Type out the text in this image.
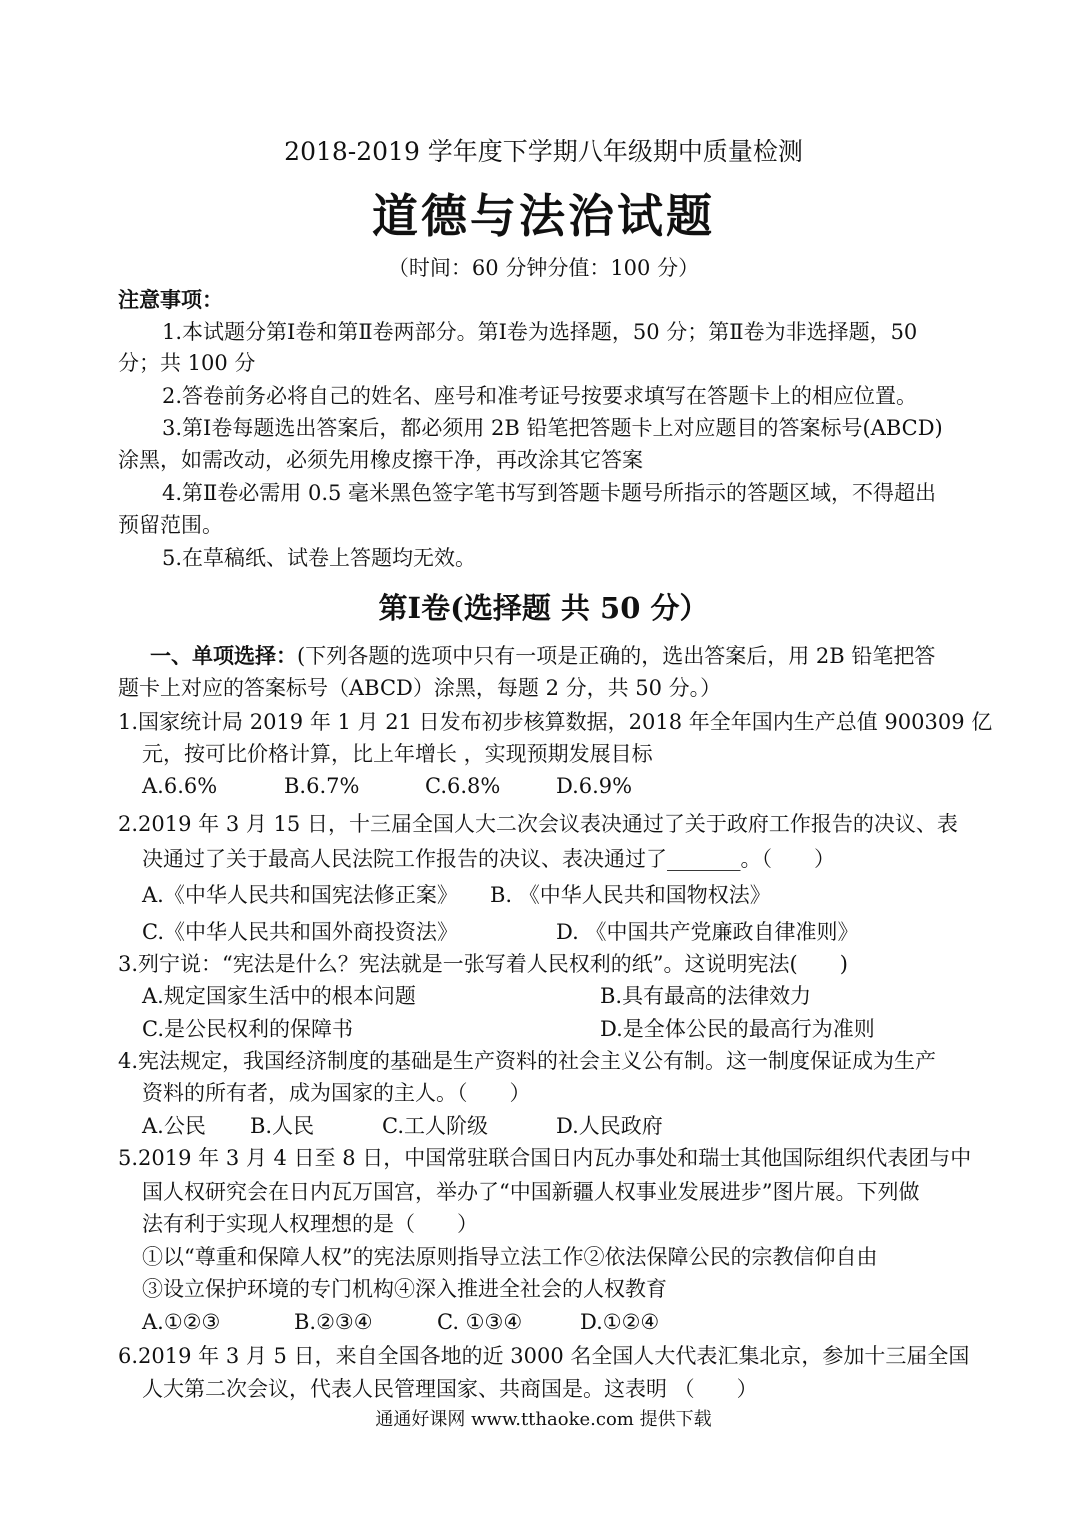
2018-2019 学年度下学期八年级期中质量检测
道德与法治试题
（时间：60 分钟分值：100 分）
注意事项：
1.本试题分第Ⅰ卷和第Ⅱ卷两部分。第Ⅰ卷为选择题，50 分；第Ⅱ卷为非选择题，50
分；共 100 分
2.答卷前务必将自己的姓名、座号和准考证号按要求填写在答题卡上的相应位置。
3.第Ⅰ卷每题选出答案后，都必须用 2B 铅笔把答题卡上对应题目的答案标号(ABCD)
涂黑，如需改动，必须先用橡皮擦干净，再改涂其它答案
4.第Ⅱ卷必需用 0.5 毫米黑色签字笔书写到答题卡题号所指示的答题区域，不得超出
预留范围。
5.在草稿纸、试卷上答题均无效。
第Ⅰ卷(选择题 共 50 分）
一、单项选择：(下列各题的选项中只有一项是正确的，选出答案后，用 2B 铅笔把答
题卡上对应的答案标号（ABCD）涂黑，每题 2 分，共 50 分。）
1.国家统计局 2019 年 1 月 21 日发布初步核算数据，2018 年全年国内生产总值 900309 亿
元，按可比价格计算，比上年增长 ，实现预期发展目标
A.6.6%	B.6.7%	C.6.8%	D.6.9%
2.2019 年 3 月 15 日，十三届全国人大二次会议表决通过了关于政府工作报告的决议、表
决通过了关于最高人民法院工作报告的决议、表决通过了_______。（　　）
A.《中华人民共和国宪法修正案》 B. 《中华人民共和国物权法》
C.《中华人民共和国外商投资法》	D. 《中国共产党廉政自律准则》
3.列宁说：“宪法是什么？宪法就是一张写着人民权利的纸”。这说明宪法(　　)
A.规定国家生活中的根本问题	B.具有最高的法律效力
C.是公民权利的保障书	D.是全体公民的最高行为准则
4.宪法规定，我国经济制度的基础是生产资料的社会主义公有制。这一制度保证成为生产
资料的所有者，成为国家的主人。（　　）
A.公民 B.人民	C.工人阶级	D.人民政府
5.2019 年 3 月 4 日至 8 日，中国常驻联合国日内瓦办事处和瑞士其他国际组织代表团与中
国人权研究会在日内瓦万国宫，举办了“中国新疆人权事业发展进步”图片展。下列做
法有利于实现人权理想的是（　　）
①以“尊重和保障人权”的宪法原则指导立法工作②依法保障公民的宗教信仰自由
③设立保护环境的专门机构④深入推进全社会的人权教育
A.①②③	B.②③④	C. ①③④	D.①②④
6.2019 年 3 月 5 日，来自全国各地的近 3000 名全国人大代表汇集北京，参加十三届全国
人大第二次会议，代表人民管理国家、共商国是。这表明 （　　）
通通好课网 www.tthaoke.com 提供下载
